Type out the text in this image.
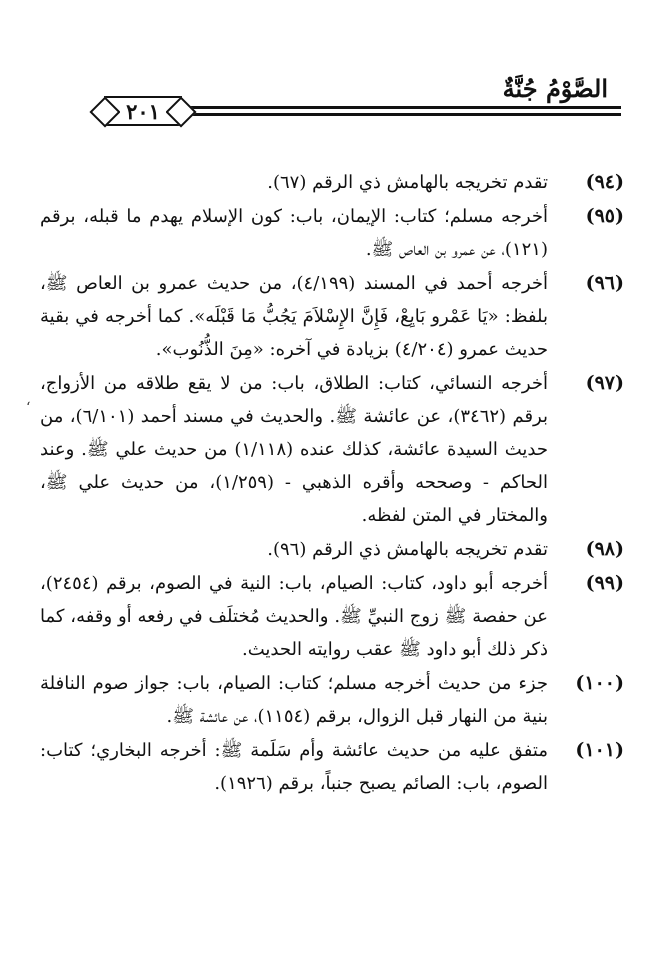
الصَّوْمُ جُنَّةٌ
٢٠١
(٩٤)
تقدم تخريجه بالهامش ذي الرقم (٦٧).
(٩٥)
أخرجه مسلم؛ كتاب: الإيمان، باب: كون الإسلام يهدم ما قبله، برقم (١٢١)، عن عمرو بن العاص ﷺ.
(٩٦)
أخرجه أحمد في المسند (٤/١٩٩)، من حديث عمرو بن العاص ﷺ، بلفظ: «يَا عَمْرو بَايِعْ، فَإِنَّ الإِسْلاَمَ يَجُبُّ مَا قَبْلَه». كما أخرجه في بقية حديث عمرو (٤/٢٠٤) بزيادة في آخره: «مِنَ الذُّنُوب».
(٩٧)
أخرجه النسائي، كتاب: الطلاق، باب: من لا يقع طلاقه من الأزواج، برقم (٣٤٦٢)، عن عائشة ﷺ. والحديث في مسند أحمد (٦/١٠١)، من حديث السيدة عائشة، كذلك عنده (١/١١٨) من حديث علي ﷺ. وعند الحاكم - وصححه وأقره الذهبي - (١/٢٥٩)، من حديث علي ﷺ، والمختار في المتن لفظه.
(٩٨)
تقدم تخريجه بالهامش ذي الرقم (٩٦).
(٩٩)
أخرجه أبو داود، كتاب: الصيام، باب: النية في الصوم، برقم (٢٤٥٤)، عن حفصة ﷺ زوج النبيِّ ﷺ. والحديث مُختلَف في رفعه أو وقفه، كما ذكر ذلك أبو داود ﷺ عقب روايته الحديث.
(١٠٠)
جزء من حديث أخرجه مسلم؛ كتاب: الصيام، باب: جواز صوم النافلة بنية من النهار قبل الزوال، برقم (١١٥٤)، عن عائشة ﷺ.
(١٠١)
متفق عليه من حديث عائشة وأم سَلَمة ﷺ: أخرجه البخاري؛ كتاب: الصوم، باب: الصائم يصبح جنباً، برقم (١٩٢٦).
‘
